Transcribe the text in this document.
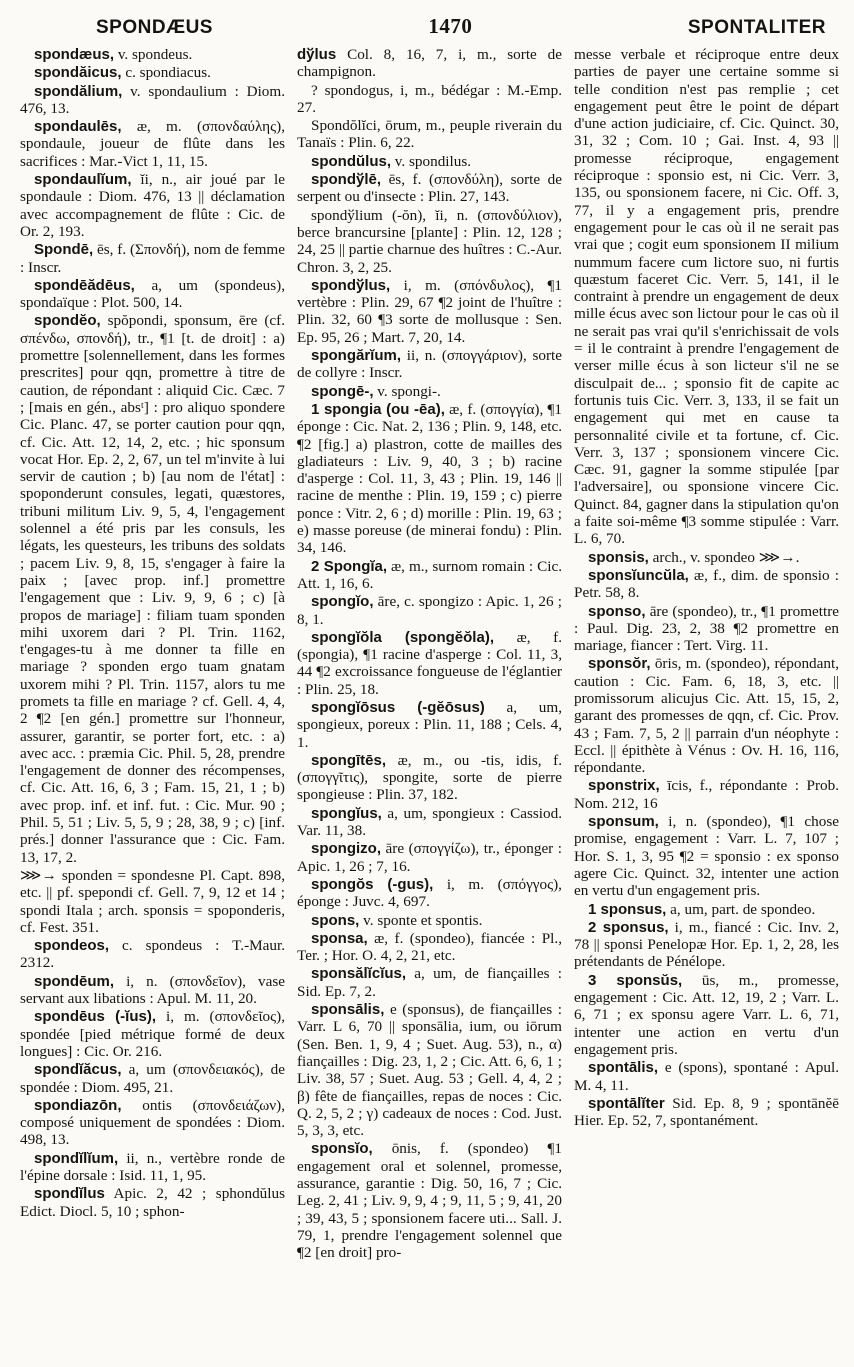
SPONDÆUS	1470	SPONTALITER

spondæus, v. spondeus.

spondăicus, c. spondiacus.

spondălium, v. spondaulium : Diom. 476, 13.

spondaulēs, æ, m. (σπονδαύλης), spondaule, joueur de flûte dans les sacrifices : Mar.-Vict 1, 11, 15.

spondaulĭum, ĭi, n., air joué par le spondaule : Diom. 476, 13 || déclamation avec accompagnement de flûte : Cic. de Or. 2, 193.

Spondē, ēs, f. (Σπονδή), nom de femme : Inscr.

spondēădēus, a, um (spondeus), spondaïque : Plot. 500, 14.

spondĕo, spŏpondi, sponsum, ēre (cf. σπένδω, σπονδή), tr., ¶1 [t. de droit] : a) promettre [solennellement, dans les formes prescrites] pour qqn, promettre à titre de caution, de répondant : aliquid Cic. Cæc. 7 ; [mais en gén., absᵗ] : pro aliquo spondere Cic. Planc. 47, se porter caution pour qqn, cf. Cic. Att. 12, 14, 2, etc. ; hic sponsum vocat Hor. Ep. 2, 2, 67, un tel m'invite à lui servir de caution ; b) [au nom de l'état] : spoponderunt consules, legati, quæstores, tribuni militum Liv. 9, 5, 4, l'engagement solennel a été pris par les consuls, les légats, les questeurs, les tribuns des soldats ; pacem Liv. 9, 8, 15, s'engager à faire la paix ; [avec prop. inf.] promettre l'engagement que : Liv. 9, 9, 6 ; c) [à propos de mariage] : filiam tuam sponden mihi uxorem dari ? Pl. Trin. 1162, t'engages-tu à me donner ta fille en mariage ? sponden ergo tuam gnatam uxorem mihi ? Pl. Trin. 1157, alors tu me promets ta fille en mariage ? cf. Gell. 4, 4, 2 ¶2 [en gén.] promettre sur l'honneur, assurer, garantir, se porter fort, etc. : a) avec acc. : præmia Cic. Phil. 5, 28, prendre l'engagement de donner des récompenses, cf. Cic. Att. 16, 6, 3 ; Fam. 15, 21, 1 ; b) avec prop. inf. et inf. fut. : Cic. Mur. 90 ; Phil. 5, 51 ; Liv. 5, 5, 9 ; 28, 38, 9 ; c) [inf. prés.] donner l'assurance que : Cic. Fam. 13, 17, 2.

⋙→ sponden = spondesne Pl. Capt. 898, etc. || pf. spepondi cf. Gell. 7, 9, 12 et 14 ; spondi Itala ; arch. sponsis = spoponderis, cf. Fest. 351.

spondeos, c. spondeus : T.-Maur. 2312.

spondēum, i, n. (σπονδεῖον), vase servant aux libations : Apul. M. 11, 20.

spondēus (-ĭus), i, m. (σπονδεῖος), spondée [pied métrique formé de deux longues] : Cic. Or. 216.

spondĭăcus, a, um (σπονδειακός), de spondée : Diom. 495, 21.

spondiazōn, ontis (σπονδειάζων), composé uniquement de spondées : Diom. 498, 13.

spondĭlĭum, ii, n., vertèbre ronde de l'épine dorsale : Isid. 11, 1, 95.

spondĭlus Apic. 2, 42 ; sphondŭlus Edict. Diocl. 5, 10 ; sphon-

dўlus Col. 8, 16, 7, i, m., sorte de champignon.

? spondogus, i, m., bédégar : M.-Emp. 27.

Spondŏlĭci, ōrum, m., peuple riverain du Tanaïs : Plin. 6, 22.

spondŭlus, v. spondilus.

spondўlē, ēs, f. (σπονδύλη), sorte de serpent ou d'insecte : Plin. 27, 143.

spondўlium (-ŏn), ĭi, n. (σπονδύλιον), berce brancursine [plante] : Plin. 12, 128 ; 24, 25 || partie charnue des huîtres : C.-Aur. Chron. 3, 2, 25.

spondўlus, i, m. (σπόνδυλος), ¶1 vertèbre : Plin. 29, 67 ¶2 joint de l'huître : Plin. 32, 60 ¶3 sorte de mollusque : Sen. Ep. 95, 26 ; Mart. 7, 20, 14.

spongărĭum, ii, n. (σπογγάριον), sorte de collyre : Inscr.

spongē-, v. spongi-.

1 spongia (ou -ēa), æ, f. (σπογγία), ¶1 éponge : Cic. Nat. 2, 136 ; Plin. 9, 148, etc. ¶2 [fig.] a) plastron, cotte de mailles des gladiateurs : Liv. 9, 40, 3 ; b) racine d'asperge : Col. 11, 3, 43 ; Plin. 19, 146 || racine de menthe : Plin. 19, 159 ; c) pierre ponce : Vitr. 2, 6 ; d) morille : Plin. 19, 63 ; e) masse poreuse (de minerai fondu) : Plin. 34, 146.

2 Spongĭa, æ, m., surnom romain : Cic. Att. 1, 16, 6.

spongĭo, āre, c. spongizo : Apic. 1, 26 ; 8, 1.

spongĭŏla (spongĕŏla), æ, f. (spongia), ¶1 racine d'asperge : Col. 11, 3, 44 ¶2 excroissance fongueuse de l'églantier : Plin. 25, 18.

spongĭōsus (-gĕōsus) a, um, spongieux, poreux : Plin. 11, 188 ; Cels. 4, 1.

spongītēs, æ, m., ou -tis, idis, f. (σπογγῖτις), spongite, sorte de pierre spongieuse : Plin. 37, 182.

spongĭus, a, um, spongieux : Cassiod. Var. 11, 38.

spongizo, āre (σπογγίζω), tr., éponger : Apic. 1, 26 ; 7, 16.

spongŏs (-gus), i, m. (σπόγγος), éponge : Juvc. 4, 697.

spons, v. sponte et spontis.

sponsa, æ, f. (spondeo), fiancée : Pl., Ter. ; Hor. O. 4, 2, 21, etc.

sponsălĭcĭus, a, um, de fiançailles : Sid. Ep. 7, 2.

sponsālis, e (sponsus), de fiançailles : Varr. L 6, 70 || sponsālia, ium, ou iōrum (Sen. Ben. 1, 9, 4 ; Suet. Aug. 53), n., α) fiançailles : Dig. 23, 1, 2 ; Cic. Att. 6, 6, 1 ; Liv. 38, 57 ; Suet. Aug. 53 ; Gell. 4, 4, 2 ; β) fête de fiançailles, repas de noces : Cic. Q. 2, 5, 2 ; γ) cadeaux de noces : Cod. Just. 5, 3, 3, etc.

sponsĭo, ōnis, f. (spondeo) ¶1 engagement oral et solennel, promesse, assurance, garantie : Dig. 50, 16, 7 ; Cic. Leg. 2, 41 ; Liv. 9, 9, 4 ; 9, 11, 5 ; 9, 41, 20 ; 39, 43, 5 ; sponsionem facere uti... Sall. J. 79, 1, prendre l'engagement solennel que ¶2 [en droit] pro-

messe verbale et réciproque entre deux parties de payer une certaine somme si telle condition n'est pas remplie ; cet engagement peut être le point de départ d'une action judiciaire, cf. Cic. Quinct. 30, 31, 32 ; Com. 10 ; Gai. Inst. 4, 93 || promesse réciproque, engagement réciproque : sponsio est, ni Cic. Verr. 3, 135, ou sponsionem facere, ni Cic. Off. 3, 77, il y a engagement pris, prendre engagement pour le cas où il ne serait pas vrai que ; cogit eum sponsionem II milium nummum facere cum lictore suo, ni furtis quæstum faceret Cic. Verr. 5, 141, il le contraint à prendre un engagement de deux mille écus avec son lictour pour le cas où il ne serait pas vrai qu'il s'enrichissait de vols = il le contraint à prendre l'engagement de verser mille écus à son licteur s'il ne se disculpait de... ; sponsio fit de capite ac fortunis tuis Cic. Verr. 3, 133, il se fait un engagement qui met en cause ta personnalité civile et ta fortune, cf. Cic. Verr. 3, 137 ; sponsionem vincere Cic. Cæc. 91, gagner la somme stipulée [par l'adversaire], ou sponsione vincere Cic. Quinct. 84, gagner dans la stipulation qu'on a faite soi-même ¶3 somme stipulée : Varr. L. 6, 70.

sponsis, arch., v. spondeo ⋙→.

sponsĭuncŭla, æ, f., dim. de sponsio : Petr. 58, 8.

sponso, āre (spondeo), tr., ¶1 promettre : Paul. Dig. 23, 2, 38 ¶2 promettre en mariage, fiancer : Tert. Virg. 11.

sponsŏr, ōris, m. (spondeo), répondant, caution : Cic. Fam. 6, 18, 3, etc. || promissorum alicujus Cic. Att. 15, 15, 2, garant des promesses de qqn, cf. Cic. Prov. 43 ; Fam. 7, 5, 2 || parrain d'un néophyte : Eccl. || épithète à Vénus : Ov. H. 16, 116, répondante.

sponstrix, īcis, f., répondante : Prob. Nom. 212, 16

sponsum, i, n. (spondeo), ¶1 chose promise, engagement : Varr. L. 7, 107 ; Hor. S. 1, 3, 95 ¶2 = sponsio : ex sponso agere Cic. Quinct. 32, intenter une action en vertu d'un engagement pris.

1 sponsus, a, um, part. de spondeo.

2 sponsus, i, m., fiancé : Cic. Inv. 2, 78 || sponsi Penelopæ Hor. Ep. 1, 2, 28, les prétendants de Pénélope.

3 sponsŭs, ūs, m., promesse, engagement : Cic. Att. 12, 19, 2 ; Varr. L. 6, 71 ; ex sponsu agere Varr. L. 6, 71, intenter une action en vertu d'un engagement pris.

spontālis, e (spons), spontané : Apul. M. 4, 11.

spontālĭter Sid. Ep. 8, 9 ; spontānĕē Hier. Ep. 52, 7, spontanément.
